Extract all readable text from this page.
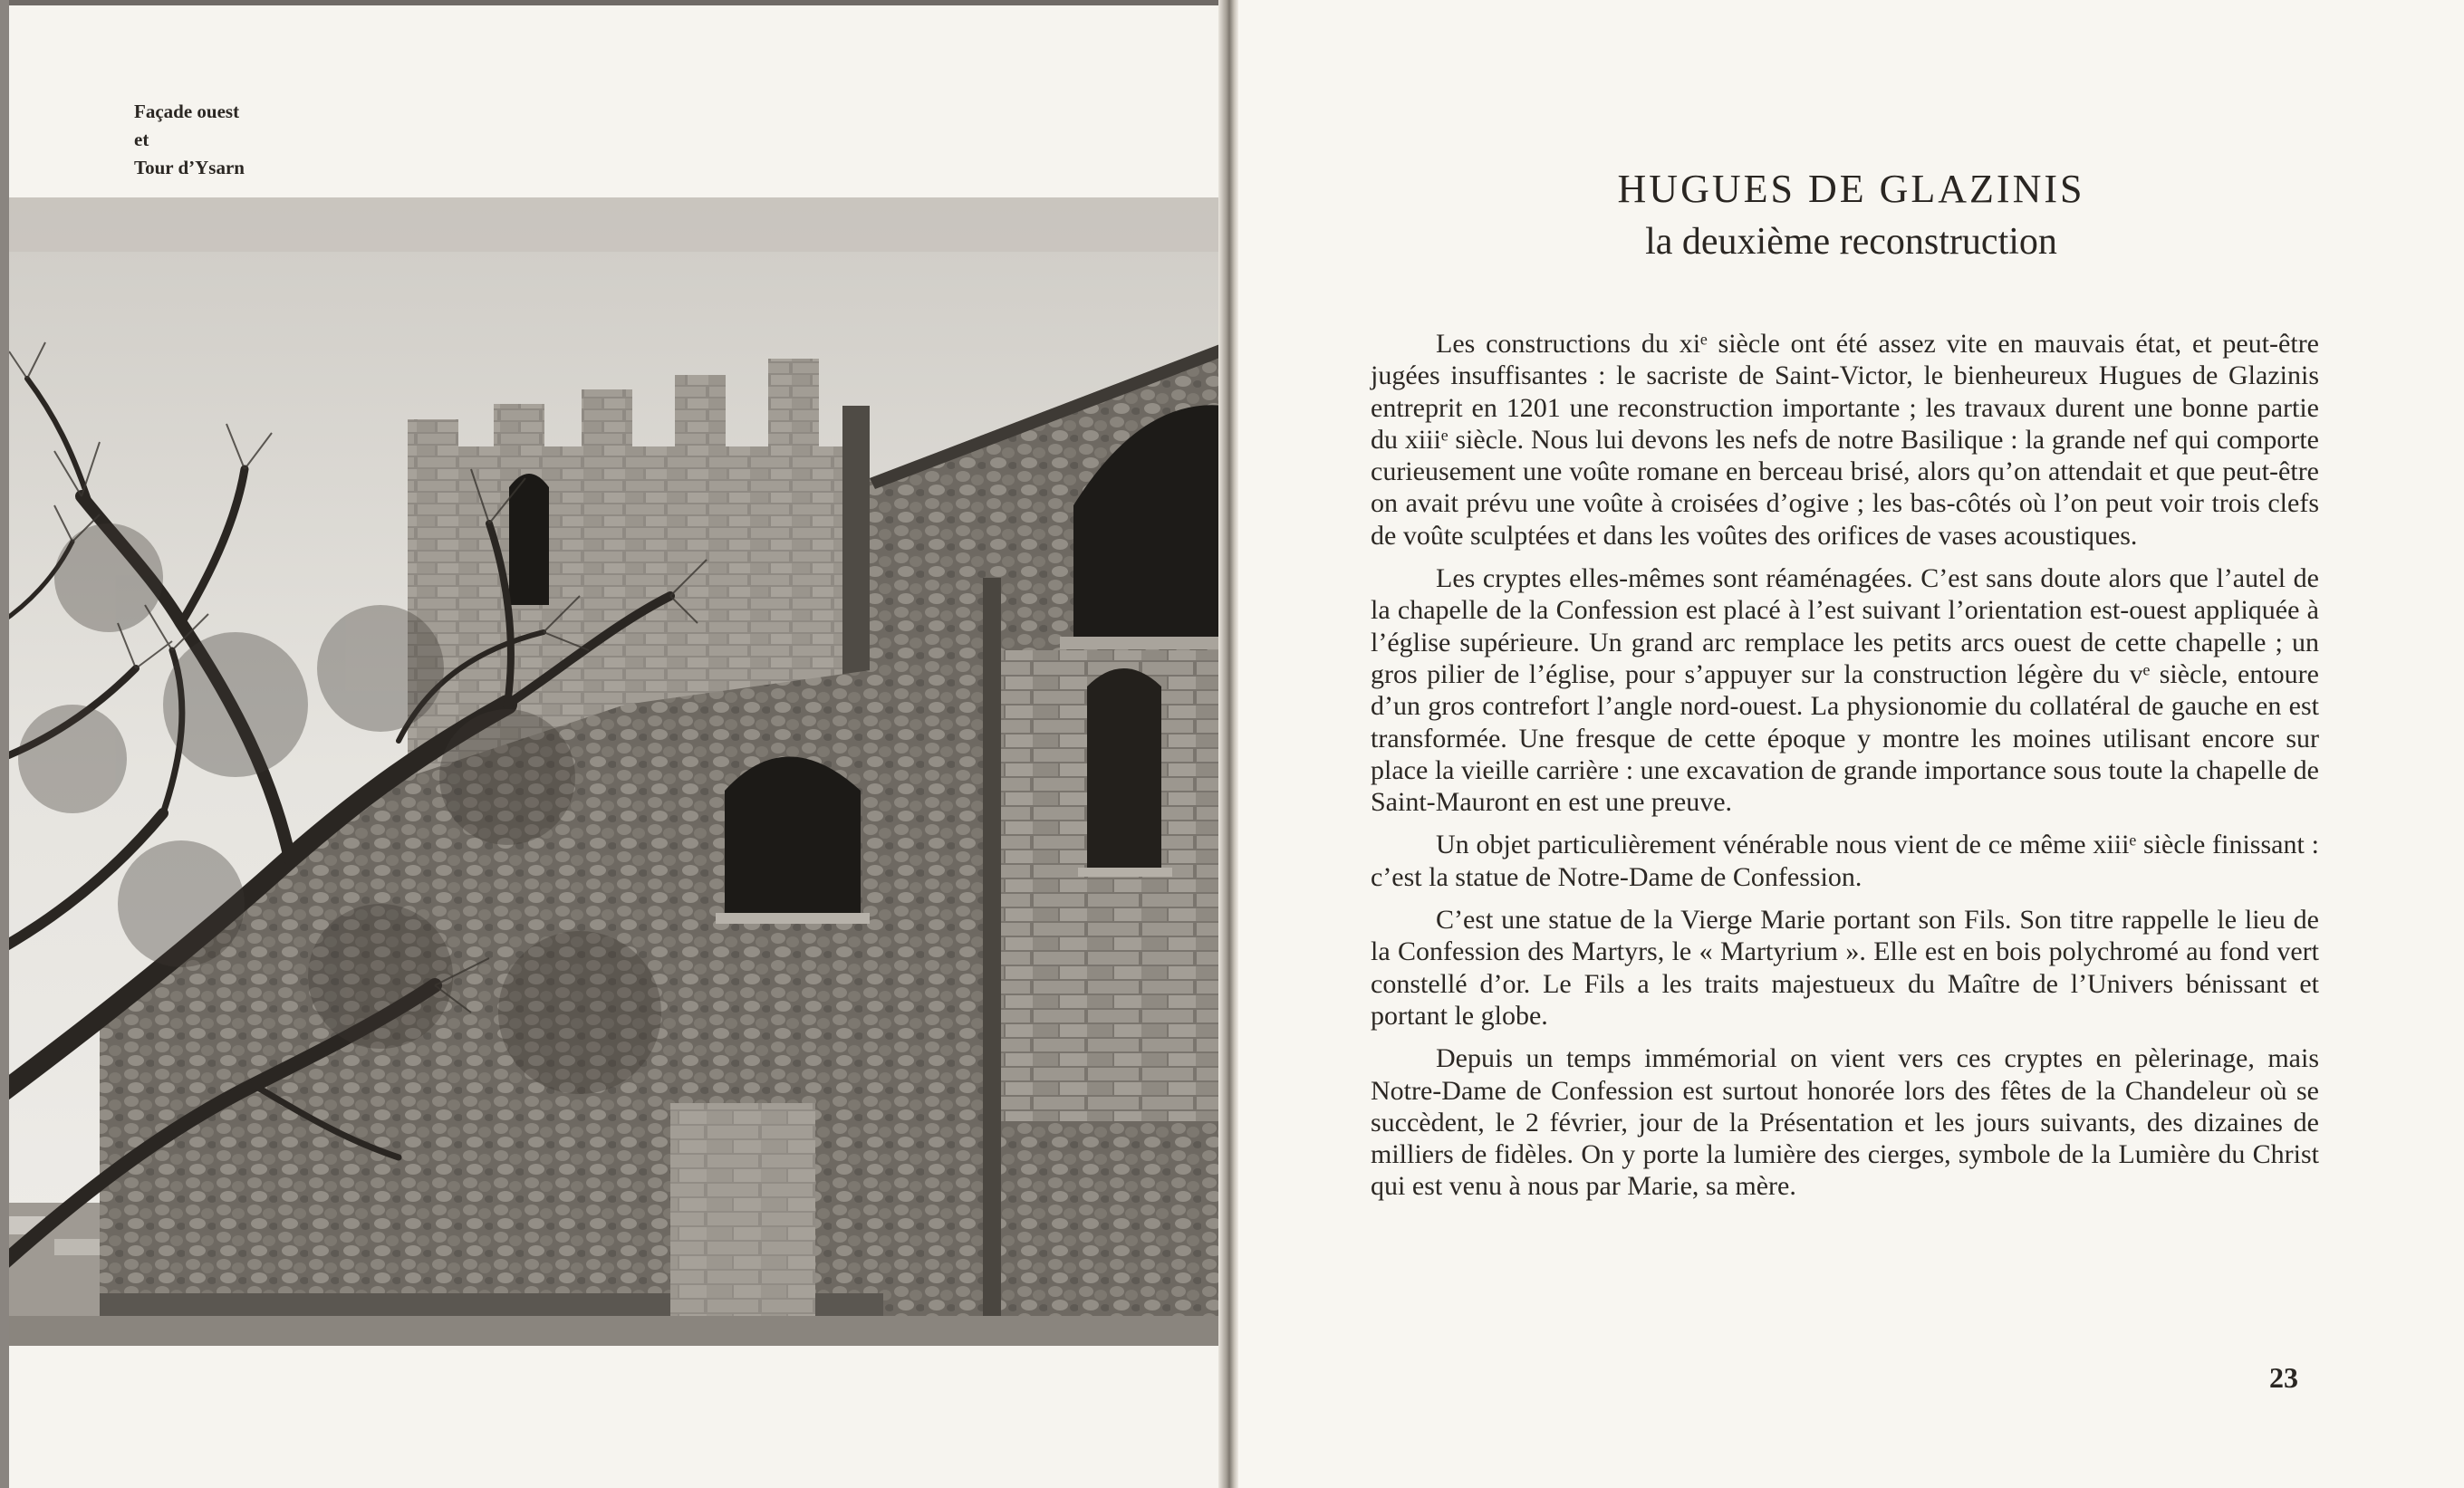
Façade ouest
et
Tour d’Ysarn	HUGUES DE GLAZINIS
la deuxième reconstruction

Les constructions du xiᵉ siècle ont été assez vite en mauvais état, et peut-être jugées insuffisantes : le sacriste de Saint-Victor, le bienheureux Hugues de Glazinis entreprit en 1201 une reconstruction importante ; les travaux durent une bonne partie du xiiiᵉ siècle. Nous lui devons les nefs de notre Basilique : la grande nef qui comporte curieusement une voûte romane en berceau brisé, alors qu’on attendait et que peut-être on avait prévu une voûte à croisées d’ogive ; les bas-côtés où l’on peut voir trois clefs de voûte sculptées et dans les voûtes des orifices de vases acoustiques.

Les cryptes elles-mêmes sont réaménagées. C’est sans doute alors que l’autel de la chapelle de la Confession est placé à l’est suivant l’orientation est-ouest appliquée à l’église supérieure. Un grand arc remplace les petits arcs ouest de cette chapelle ; un gros pilier de l’église, pour s’appuyer sur la construction légère du vᵉ siècle, entoure d’un gros contrefort l’angle nord-ouest. La physionomie du collatéral de gauche en est transformée. Une fresque de cette époque y montre les moines utilisant encore sur place la vieille carrière : une excavation de grande importance sous toute la chapelle de Saint-Mauront en est une preuve.

Un objet particulièrement vénérable nous vient de ce même xiiiᵉ siècle finissant : c’est la statue de Notre-Dame de Confession.

C’est une statue de la Vierge Marie portant son Fils. Son titre rappelle le lieu de la Confession des Martyrs, le « Martyrium ». Elle est en bois polychromé au fond vert constellé d’or. Le Fils a les traits majestueux du Maître de l’Univers bénissant et portant le globe.

Depuis un temps immémorial on vient vers ces cryptes en pèlerinage, mais Notre-Dame de Confession est surtout honorée lors des fêtes de la Chandeleur où se succèdent, le 2 février, jour de la Présentation et les jours suivants, des dizaines de milliers de fidèles. On y porte la lumière des cierges, symbole de la Lumière du Christ qui est venu à nous par Marie, sa mère.

23
